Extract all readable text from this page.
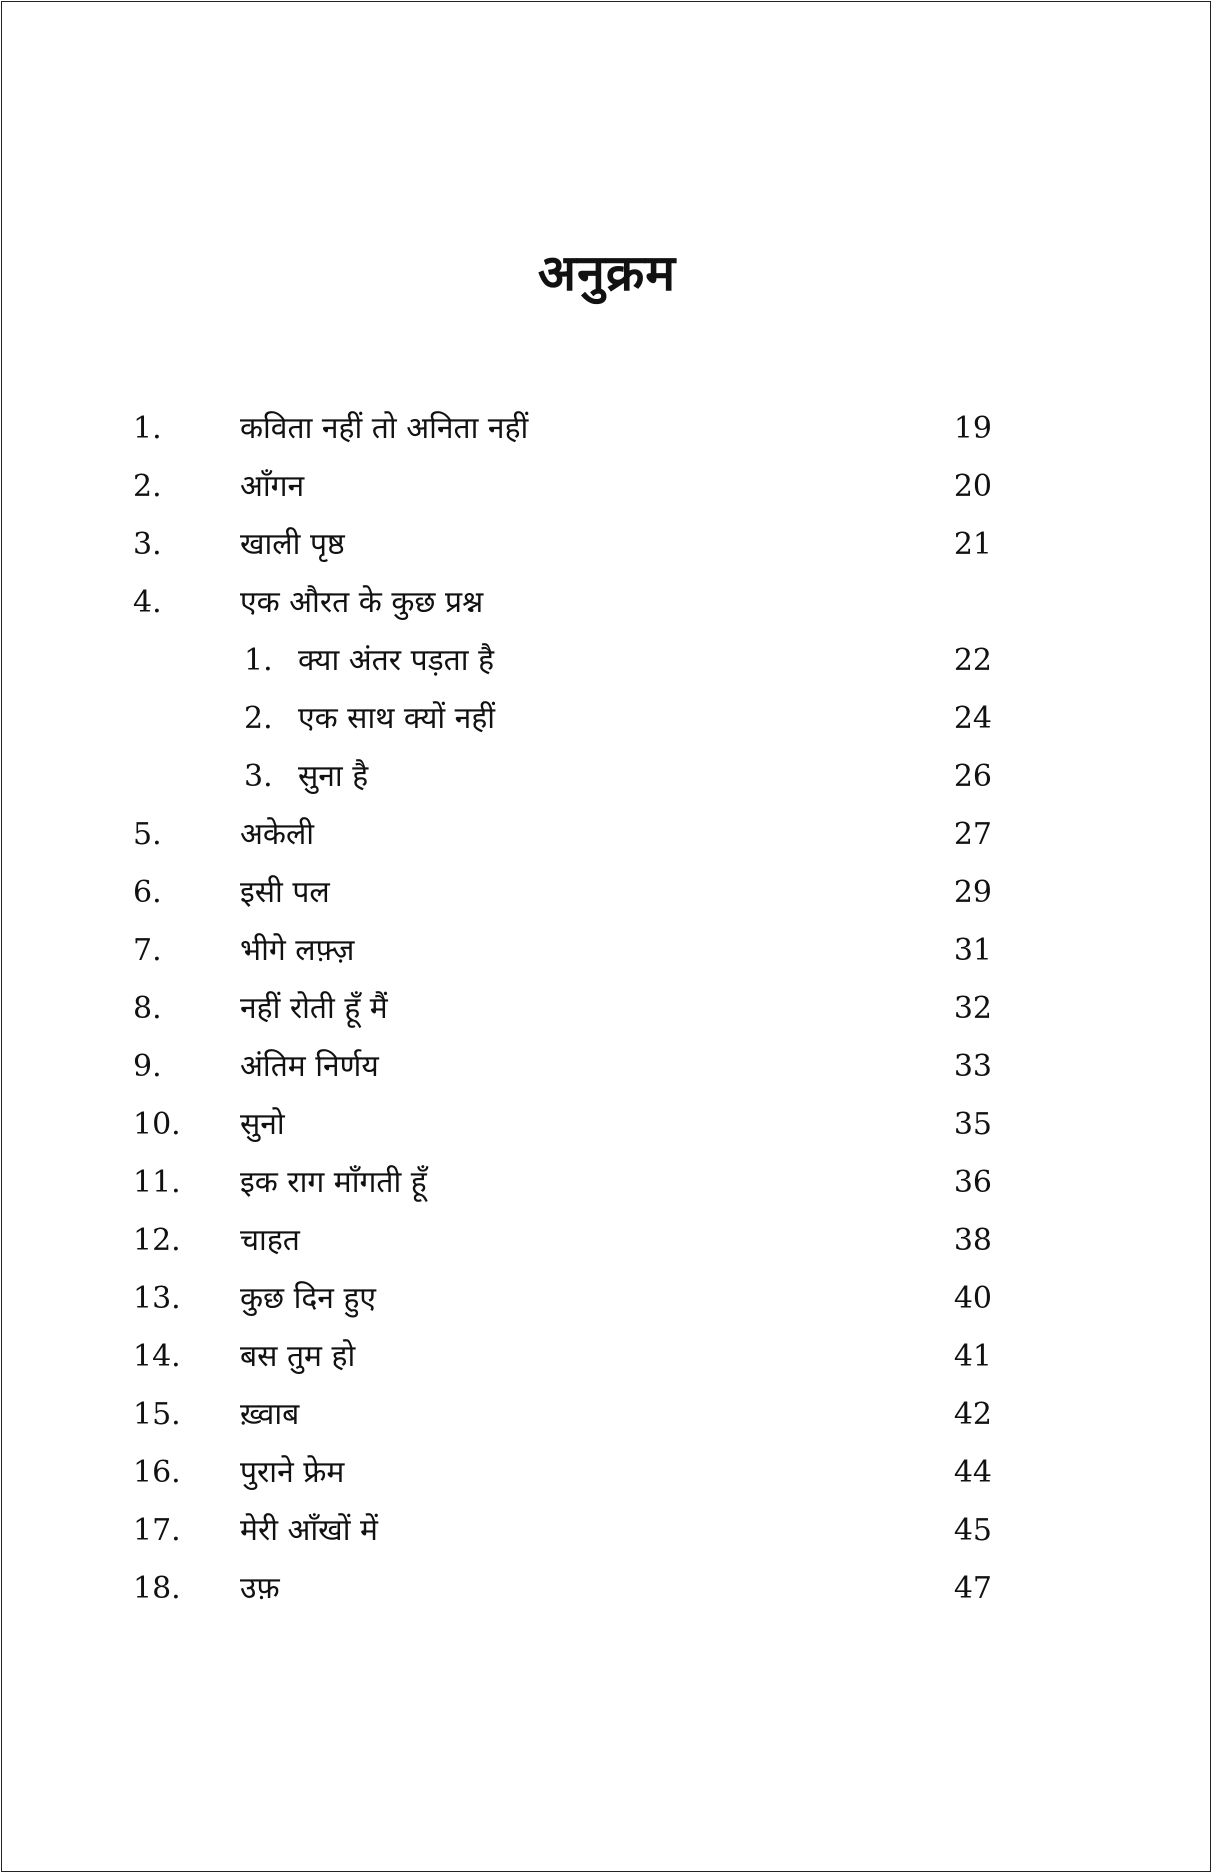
अनुक्रम
1.	कविता नहीं तो अनिता नहीं	19
2.	आँगन	20
3.	खाली पृष्ठ	21
4.	एक औरत के कुछ प्रश्न
1. क्या अंतर पड़ता है	22
2. एक साथ क्यों नहीं	24
3. सुना है	26
5.	अकेली	27
6.	इसी पल	29
7.	भीगे लफ़्ज़	31
8.	नहीं रोती हूँ मैं	32
9.	अंतिम निर्णय	33
10. सुनो	35
11. इक राग माँगती हूँ	36
12. चाहत	38
13. कुछ दिन हुए	40
14. बस तुम हो	41
15. ख़्वाब	42
16. पुराने फ्रेम	44
17. मेरी आँखों में	45
18. उफ़	47
